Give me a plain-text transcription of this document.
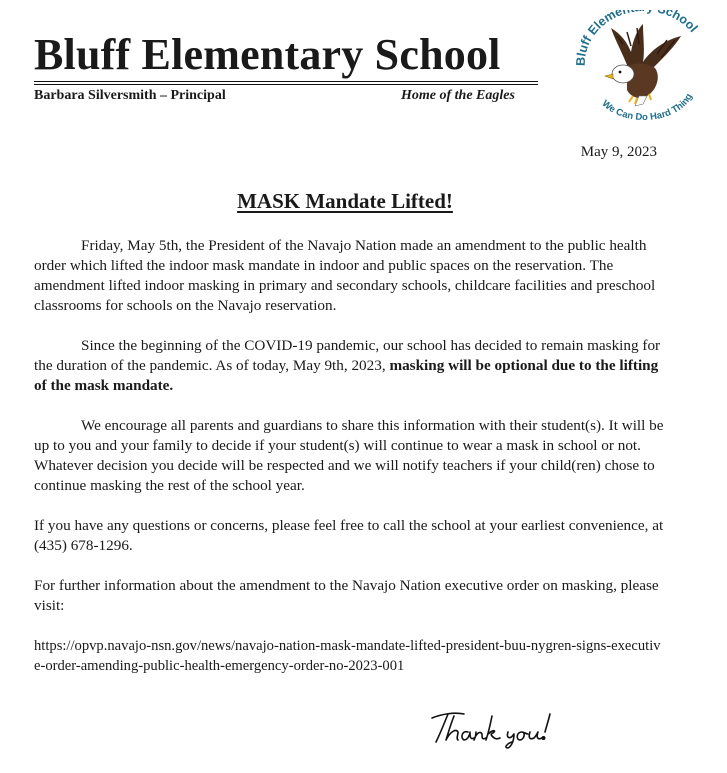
Bluff Elementary School
Barbara Silversmith – Principal	Home of the Eagles
Bluff Eleme chool
We Can Do Hard Thing
May 9, 2023
MASK Mandate Lifted!

Friday, May 5th, the President of the Navajo Nation made an amendment to the public health order which lifted the indoor mask mandate in indoor and public spaces on the reservation. The amendment lifted indoor masking in primary and secondary schools, childcare facilities and preschool classrooms for schools on the Navajo reservation.

Since the beginning of the COVID-19 pandemic, our school has decided to remain masking for the duration of the pandemic. As of today, May 9th, 2023, masking will be optional due to the lifting of the mask mandate.

We encourage all parents and guardians to share this information with their student(s). It will be up to you and your family to decide if your student(s) will continue to wear a mask in school or not. Whatever decision you decide will be respected and we will notify teachers if your child(ren) chose to continue masking the rest of the school year.

If you have any questions or concerns, please feel free to call the school at your earliest convenience, at (435) 678-1296.

For further information about the amendment to the Navajo Nation executive order on masking, please visit:

https://opvp.navajo-nsn.gov/news/navajo-nation-mask-mandate-lifted-president-buu-nygren-signs-executive-order-amending-public-health-emergency-order-no-2023-001
